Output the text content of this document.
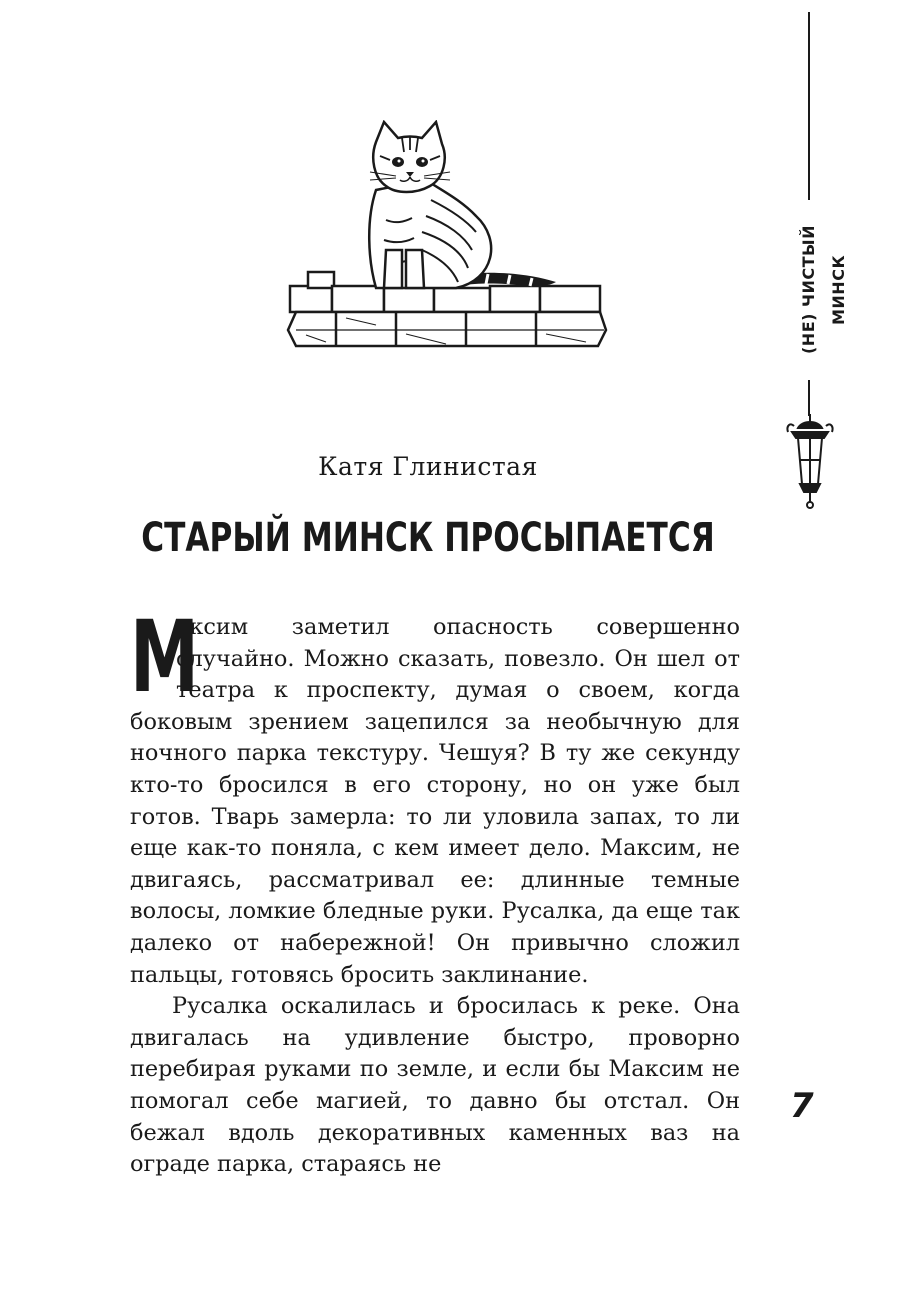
(НЕ) ЧИСТЫЙ МИНСК
Катя Глинистая
СТАРЫЙ МИНСК ПРОСЫПАЕТСЯ

М
аксим заметил опасность совершенно случайно. Можно сказать, повезло. Он шел от театра к проспекту, думая о своем, когда боковым зрением зацепился за необычную для ночного парка текстуру. Чешуя? В ту же секунду кто-то бросился в его сторону, но он уже был готов. Тварь замерла: то ли уловила запах, то ли еще как-то поняла, с кем имеет дело. Максим, не двигаясь, рассматривал ее: длинные темные волосы, ломкие бледные руки. Русалка, да еще так далеко от набережной! Он привычно сложил пальцы, готовясь бросить заклинание.

Русалка оскалилась и бросилась к реке. Она двигалась на удивление быстро, проворно перебирая руками по земле, и если бы Максим не помогал себе магией, то давно бы отстал. Он бежал вдоль декоративных каменных ваз на ограде парка, стараясь не

7
